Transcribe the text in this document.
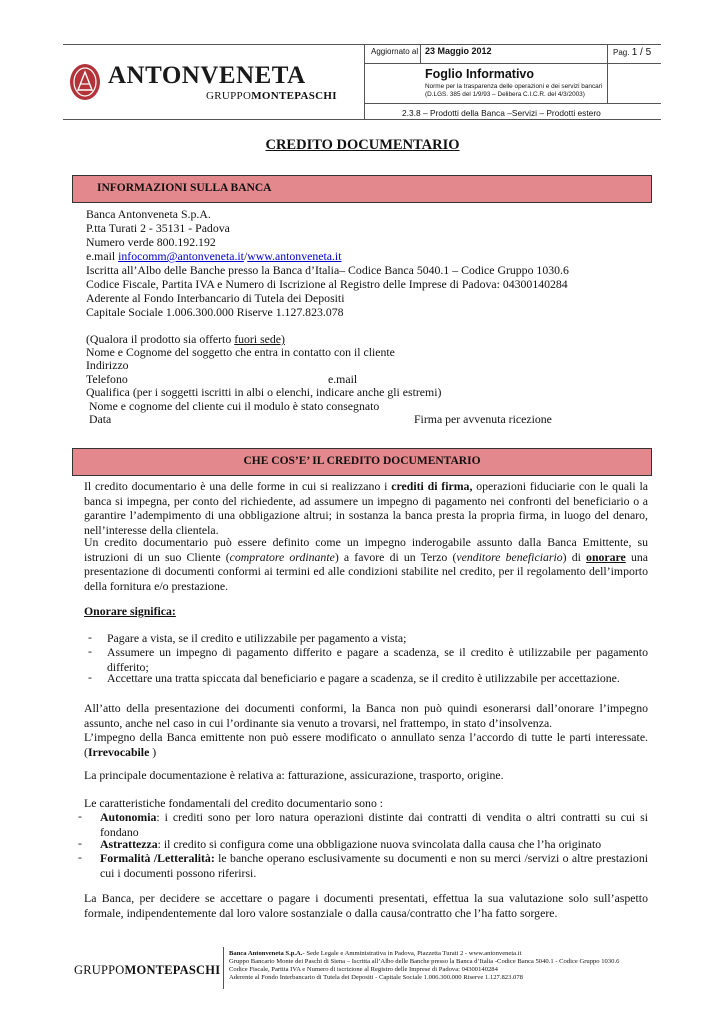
ANTONVENETA
GRUPPOMONTEPASCHI
Aggiornato al 23 Maggio 2012	Pag. 1 / 5
Foglio Informativo
Norme per la trasparenza delle operazioni e dei servizi bancari
(D.LGS. 385 del 1/9/93 – Delibera C.I.C.R. del 4/3/2003)
2.3.8 – Prodotti della Banca –Servizi – Prodotti estero
CREDITO DOCUMENTARIO
INFORMAZIONI SULLA BANCA
Banca Antonveneta S.p.A.
P.tta Turati 2 - 35131 - Padova
Numero verde 800.192.192
e.mail infocomm@antonveneta.it/www.antonveneta.it
Iscritta all’Albo delle Banche presso la Banca d’Italia– Codice Banca 5040.1 – Codice Gruppo 1030.6
Codice Fiscale, Partita IVA e Numero di Iscrizione al Registro delle Imprese di Padova: 04300140284
Aderente al Fondo Interbancario di Tutela dei Depositi
Capitale Sociale 1.006.300.000 Riserve 1.127.823.078
(Qualora il prodotto sia offerto fuori sede)
Nome e Cognome del soggetto che entra in contatto con il cliente
Indirizzo
Telefono	e.mail
Qualifica (per i soggetti iscritti in albi o elenchi, indicare anche gli estremi)
Nome e cognome del cliente cui il modulo è stato consegnato
Data	Firma per avvenuta ricezione
CHE COS’E’ IL CREDITO DOCUMENTARIO
Il credito documentario è una delle forme in cui si realizzano i crediti di firma, operazioni fiduciarie con le quali la banca si impegna, per conto del richiedente, ad assumere un impegno di pagamento nei confronti del beneficiario o a garantire l’adempimento di una obbligazione altrui; in sostanza la banca presta la propria firma, in luogo del denaro, nell’interesse della clientela.
Un credito documentario può essere definito come un impegno inderogabile assunto dalla Banca Emittente, su istruzioni di un suo Cliente (compratore ordinante) a favore di un Terzo (venditore beneficiario) di onorare una presentazione di documenti conformi ai termini ed alle condizioni stabilite nel credito, per il regolamento dell’importo della fornitura e/o prestazione.
Onorare significa:
- Pagare a vista, se il credito e utilizzabile per pagamento a vista;
- Assumere un impegno di pagamento differito e pagare a scadenza, se il credito è utilizzabile per pagamento differito;
- Accettare una tratta spiccata dal beneficiario e pagare a scadenza, se il credito è utilizzabile per accettazione.
All’atto della presentazione dei documenti conformi, la Banca non può quindi esonerarsi dall’onorare l’impegno assunto, anche nel caso in cui l’ordinante sia venuto a trovarsi, nel frattempo, in stato d’insolvenza.
L’impegno della Banca emittente non può essere modificato o annullato senza l’accordo di tutte le parti interessate. (Irrevocabile )
La principale documentazione è relativa a: fatturazione, assicurazione, trasporto, origine.
Le caratteristiche fondamentali del credito documentario sono :
- Autonomia: i crediti sono per loro natura operazioni distinte dai contratti di vendita o altri contratti su cui si fondano
- Astrattezza: il credito si configura come una obbligazione nuova svincolata dalla causa che l’ha originato
- Formalità /Letteralità: le banche operano esclusivamente su documenti e non su merci /servizi o altre prestazioni cui i documenti possono riferirsi.
La Banca, per decidere se accettare o pagare i documenti presentati, effettua la sua valutazione solo sull’aspetto formale, indipendentemente dal loro valore sostanziale o dalla causa/contratto che l’ha fatto sorgere.
GRUPPOMONTEPASCHI
Banca Antonveneta S.p.A.- Sede Legale e Amministrativa in Padova, Piazzetta Turati 2 - www.antonveneta.it
Gruppo Bancario Monte dei Paschi di Siena – Iscritta all’Albo delle Banche presso la Banca d’Italia -Codice Banca 5040.1 - Codice Gruppo 1030.6
Codice Fiscale, Partita IVA e Numero di iscrizione al Registro delle Imprese di Padova: 04300140284
Aderente al Fondo Interbancario di Tutela dei Depositi - Capitale Sociale 1.006.300.000 Riserve 1.127.823.078
